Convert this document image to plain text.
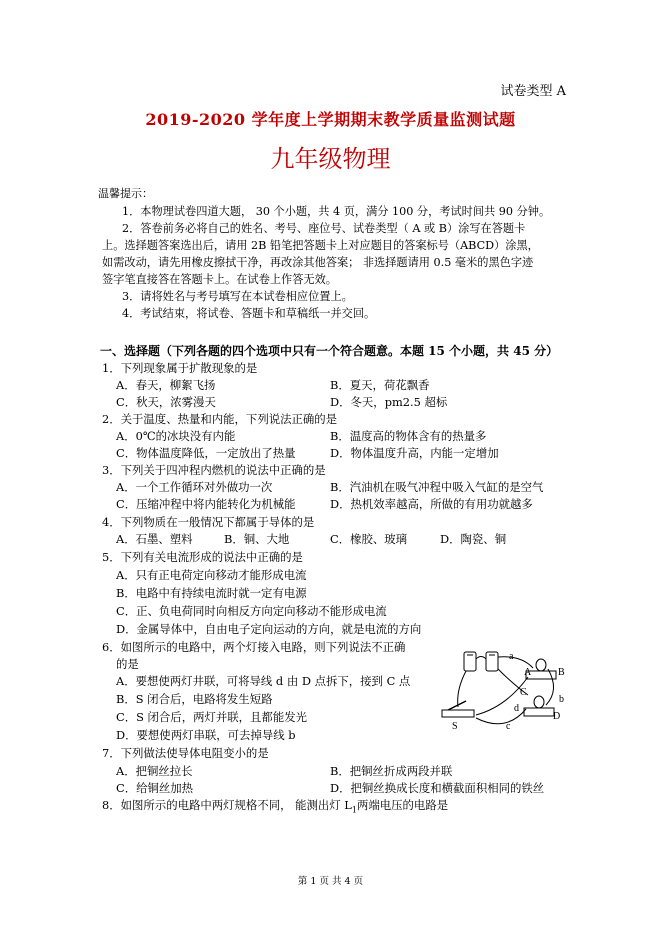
试卷类型 A
2019-2020 学年度上学期期末教学质量监测试题
九年级物理
温馨提示：
1．本物理试卷四道大题， 30 个小题，共 4 页，满分 100 分，考试时间共 90 分钟。
2．答卷前务必将自己的姓名、考号、座位号、试卷类型（ A 或 B）涂写在答题卡
上。选择题答案选出后，请用 2B 铅笔把答题卡上对应题目的答案标号（ABCD）涂黑，
如需改动，请先用橡皮擦拭干净，再改涂其他答案； 非选择题请用 0.5 毫米的黑色字迹
签字笔直接答在答题卡上。在试卷上作答无效。
3．请将姓名与考号填写在本试卷相应位置上。
4．考试结束，将试卷、答题卡和草稿纸一并交回。
一、选择题（下列各题的四个选项中只有一个符合题意。本题 15 个小题，共 45 分）
1．下列现象属于扩散现象的是
A．春天，柳絮飞扬	B．夏天，荷花飘香
C．秋天，浓雾漫天	D．冬天，pm2.5 超标
2．关于温度、热量和内能，下列说法正确的是
A．0℃的冰块没有内能	B．温度高的物体含有的热量多
C．物体温度降低，一定放出了热量	D．物体温度升高，内能一定增加
3．下列关于四冲程内燃机的说法中正确的是
A．一个工作循环对外做功一次	B．汽油机在吸气冲程中吸入气缸的是空气
C．压缩冲程中将内能转化为机械能	D．热机效率越高，所做的有用功就越多
4．下列物质在一般情况下都属于导体的是
A．石墨、塑料	B．铜、大地	C．橡胶、玻璃	D．陶瓷、铜
5．下列有关电流形成的说法中正确的是
A．只有正电荷定向移动才能形成电流
B．电路中有持续电流时就一定有电源
C．正、负电荷同时向相反方向定向移动不能形成电流
D．金属导体中，自由电子定向运动的方向，就是电流的方向
6．如图所示的电路中，两个灯接入电路，则下列说法不正确
的是
A．要想使两灯井联，可将导线 d 由 D 点拆下，接到 C 点
B．S 闭合后，电路将发生短路
C．S 闭合后，两灯并联，且都能发光
D．要想使两灯串联，可去掉导线 b
a
A	B
C
b
c
D
d
S
7．下列做法使导体电阻变小的是
A．把铜丝拉长	B．把铜丝折成两段并联
C．给铜丝加热	D．把铜丝换成长度和横截面积相同的铁丝
8．如图所示的电路中两灯规格不同， 能测出灯 $L_1$两端电压的电路是
第 1 页 共 4 页
